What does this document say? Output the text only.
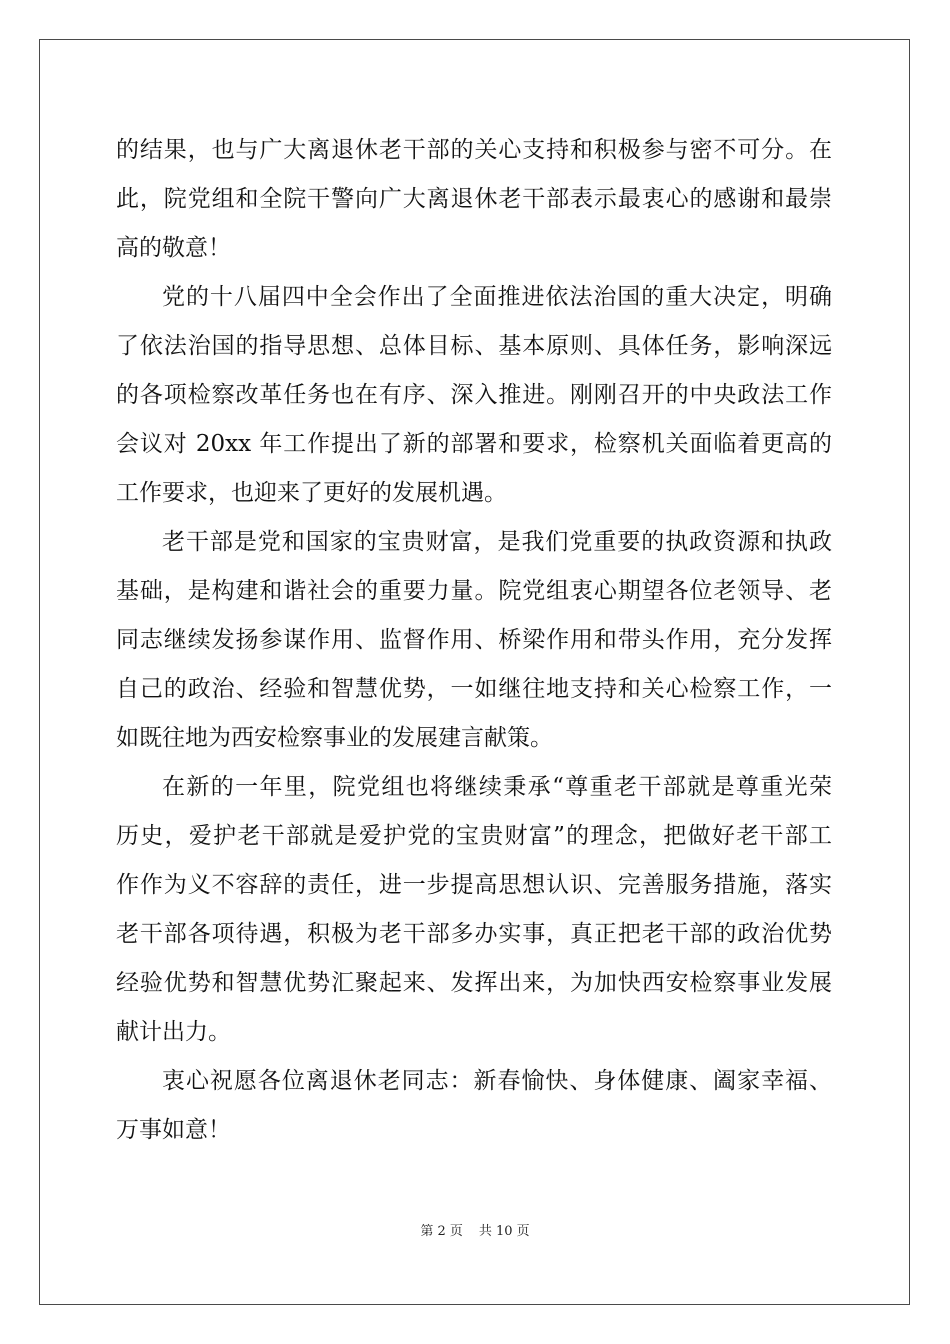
的结果，也与广大离退休老干部的关心支持和积极参与密不可分。在
此，院党组和全院干警向广大离退休老干部表示最衷心的感谢和最崇
高的敬意！
党的十八届四中全会作出了全面推进依法治国的重大决定，明确
了依法治国的指导思想、总体目标、基本原则、具体任务，影响深远
的各项检察改革任务也在有序、深入推进。刚刚召开的中央政法工作
会议对 20xx 年工作提出了新的部署和要求，检察机关面临着更高的
工作要求，也迎来了更好的发展机遇。
老干部是党和国家的宝贵财富，是我们党重要的执政资源和执政
基础，是构建和谐社会的重要力量。院党组衷心期望各位老领导、老
同志继续发扬参谋作用、监督作用、桥梁作用和带头作用，充分发挥
自己的政治、经验和智慧优势，一如继往地支持和关心检察工作，一
如既往地为西安检察事业的发展建言献策。
在新的一年里，院党组也将继续秉承“尊重老干部就是尊重光荣
历史，爱护老干部就是爱护党的宝贵财富”的理念，把做好老干部工
作作为义不容辞的责任，进一步提高思想认识、完善服务措施，落实
老干部各项待遇，积极为老干部多办实事，真正把老干部的政治优势
经验优势和智慧优势汇聚起来、发挥出来，为加快西安检察事业发展
献计出力。
衷心祝愿各位离退休老同志：新春愉快、身体健康、阖家幸福、
万事如意！
第 2 页 共 10 页
